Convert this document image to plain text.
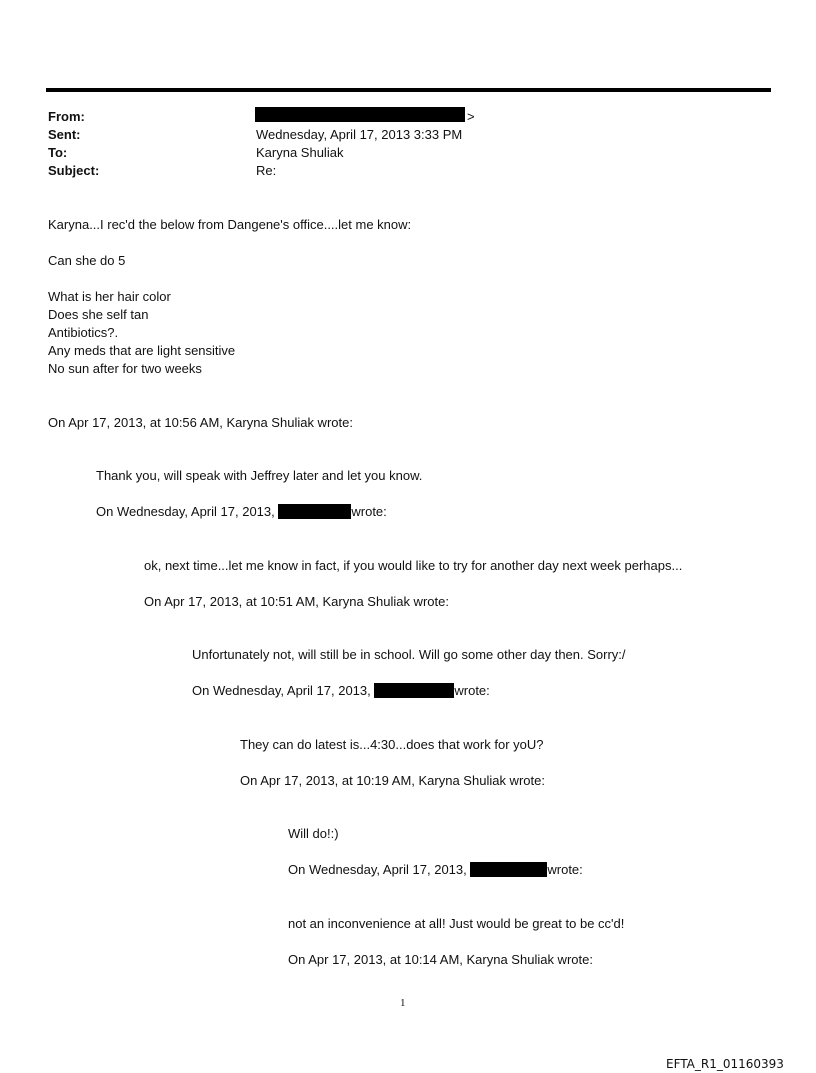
From:	>
Sent:	Wednesday, April 17, 2013 3:33 PM
To:	Karyna Shuliak
Subject:	Re:
Karyna...I rec'd the below from Dangene's office....let me know:
Can she do 5
What is her hair color
Does she self tan
Antibiotics?.
Any meds that are light sensitive
No sun after for two weeks
On Apr 17, 2013, at 10:56 AM, Karyna Shuliak wrote:
Thank you, will speak with Jeffrey later and let you know.
On Wednesday, April 17, 2013,	wrote:
ok, next time...let me know in fact, if you would like to try for another day next week perhaps...
On Apr 17, 2013, at 10:51 AM, Karyna Shuliak wrote:
Unfortunately not, will still be in school. Will go some other day then. Sorry:/
On Wednesday, April 17, 2013,	wrote:
They can do latest is...4:30...does that work for yoU?
On Apr 17, 2013, at 10:19 AM, Karyna Shuliak wrote:
Will do!:)
On Wednesday, April 17, 2013,	wrote:
not an inconvenience at all! Just would be great to be cc'd!
On Apr 17, 2013, at 10:14 AM, Karyna Shuliak wrote:
1
EFTA_R1_01160393
